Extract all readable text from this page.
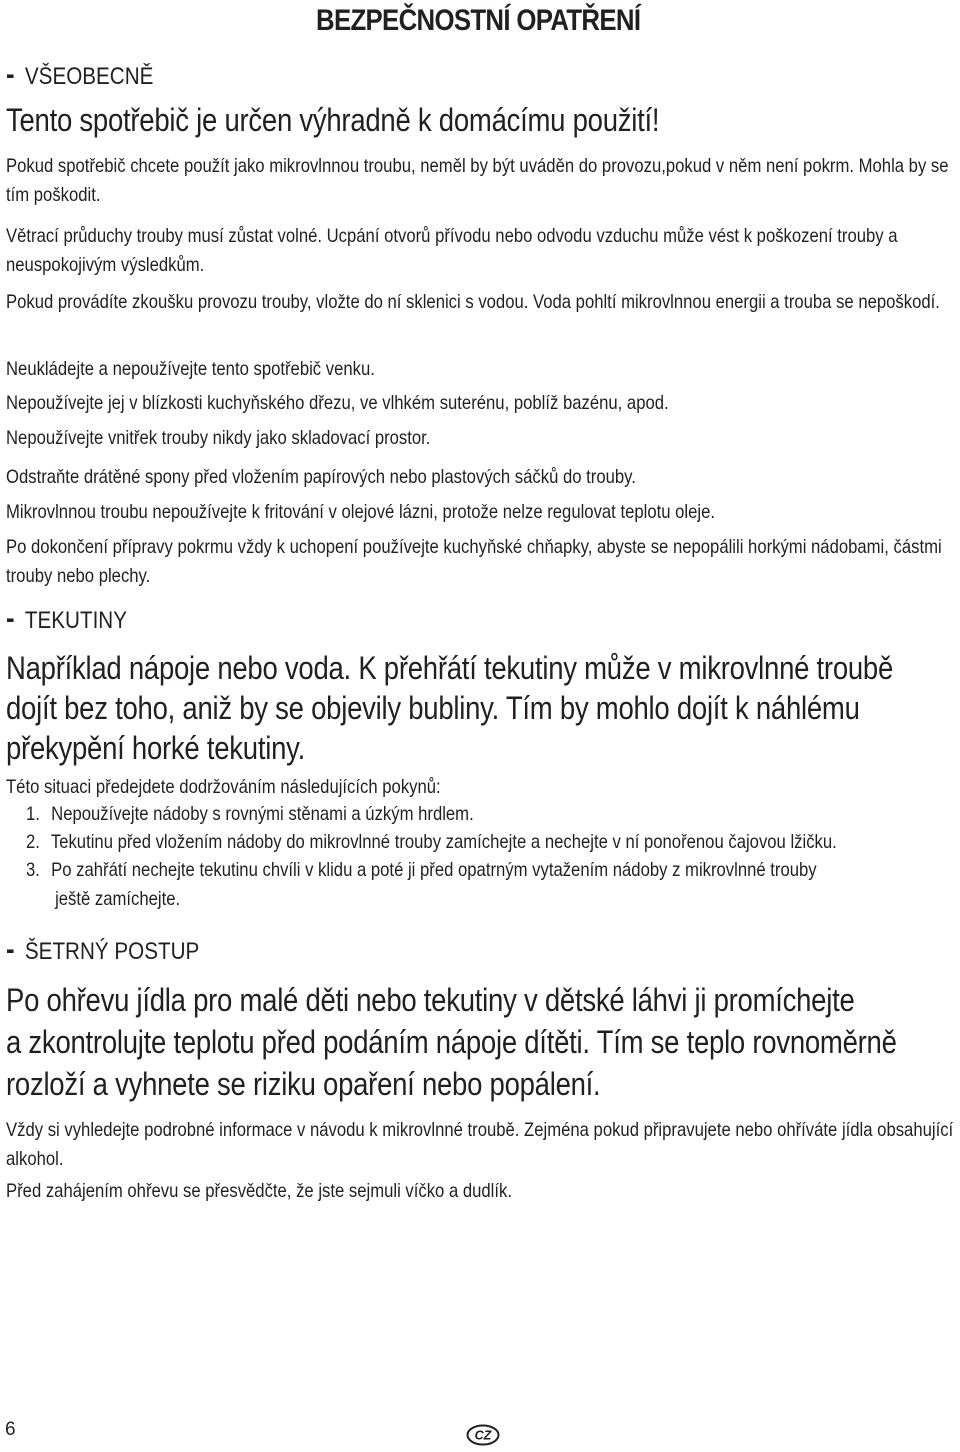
BEZPEČNOSTNÍ OPATŘENÍ
- VŠEOBECNĚ
Tento spotřebič je určen výhradně k domácímu použití!
Pokud spotřebič chcete použít jako mikrovlnnou troubu, neměl by být uváděn do provozu,pokud v něm není pokrm. Mohla by se tím poškodit.
Větrací průduchy trouby musí zůstat volné. Ucpání otvorů přívodu nebo odvodu vzduchu může vést k poškození trouby a neuspokojivým výsledkům.
Pokud provádíte zkoušku provozu trouby, vložte do ní sklenici s vodou. Voda pohltí mikrovlnnou energii a trouba se nepoškodí.
Neukládejte a nepoužívejte tento spotřebič venku.
Nepoužívejte jej v blízkosti kuchyňského dřezu, ve vlhkém suterénu, poblíž bazénu, apod.
Nepoužívejte vnitřek trouby nikdy jako skladovací prostor.
Odstraňte drátěné spony před vložením papírových nebo plastových sáčků do trouby.
Mikrovlnnou troubu nepoužívejte k fritování v olejové lázni, protože nelze regulovat teplotu oleje.
Po dokončení přípravy pokrmu vždy k uchopení používejte kuchyňské chňapky, abyste se nepopálili horkými nádobami, částmi trouby nebo plechy.
- TEKUTINY
Například nápoje nebo voda. K přehřátí tekutiny může v mikrovlnné troubě
dojít bez toho, aniž by se objevily bubliny. Tím by mohlo dojít k náhlému
překypění horké tekutiny.
Této situaci předejdete dodržováním následujících pokynů:
1. Nepoužívejte nádoby s rovnými stěnami a úzkým hrdlem.
2. Tekutinu před vložením nádoby do mikrovlnné trouby zamíchejte a nechejte v ní ponořenou čajovou lžičku.
3. Po zahřátí nechejte tekutinu chvíli v klidu a poté ji před opatrným vytažením nádoby z mikrovlnné trouby
ještě zamíchejte.
- ŠETRNÝ POSTUP
Po ohřevu jídla pro malé děti nebo tekutiny v dětské láhvi ji promíchejte
a zkontrolujte teplotu před podáním nápoje dítěti. Tím se teplo rovnoměrně
rozloží a vyhnete se riziku opaření nebo popálení.
Vždy si vyhledejte podrobné informace v návodu k mikrovlnné troubě. Zejména pokud připravujete nebo ohříváte jídla obsahující alkohol.
Před zahájením ohřevu se přesvědčte, že jste sejmuli víčko a dudlík.
6	CZ
